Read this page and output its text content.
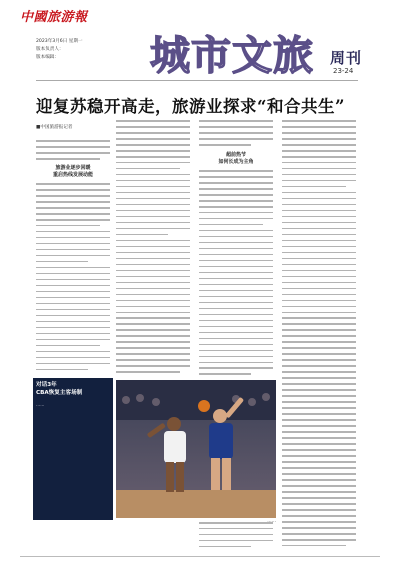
中國旅游報
2023年3月6日 星期一
版本负责人：
版本编辑：	城市文旅 周刊
23-24
迎复苏稳开高走，旅游业探求“和合共生”
■中国旅游报记者
旅游业逐步回暖
重启热线发展动能
超前热节
如何长成为主角
对话3年
CBA恢复主客场制
……
……
